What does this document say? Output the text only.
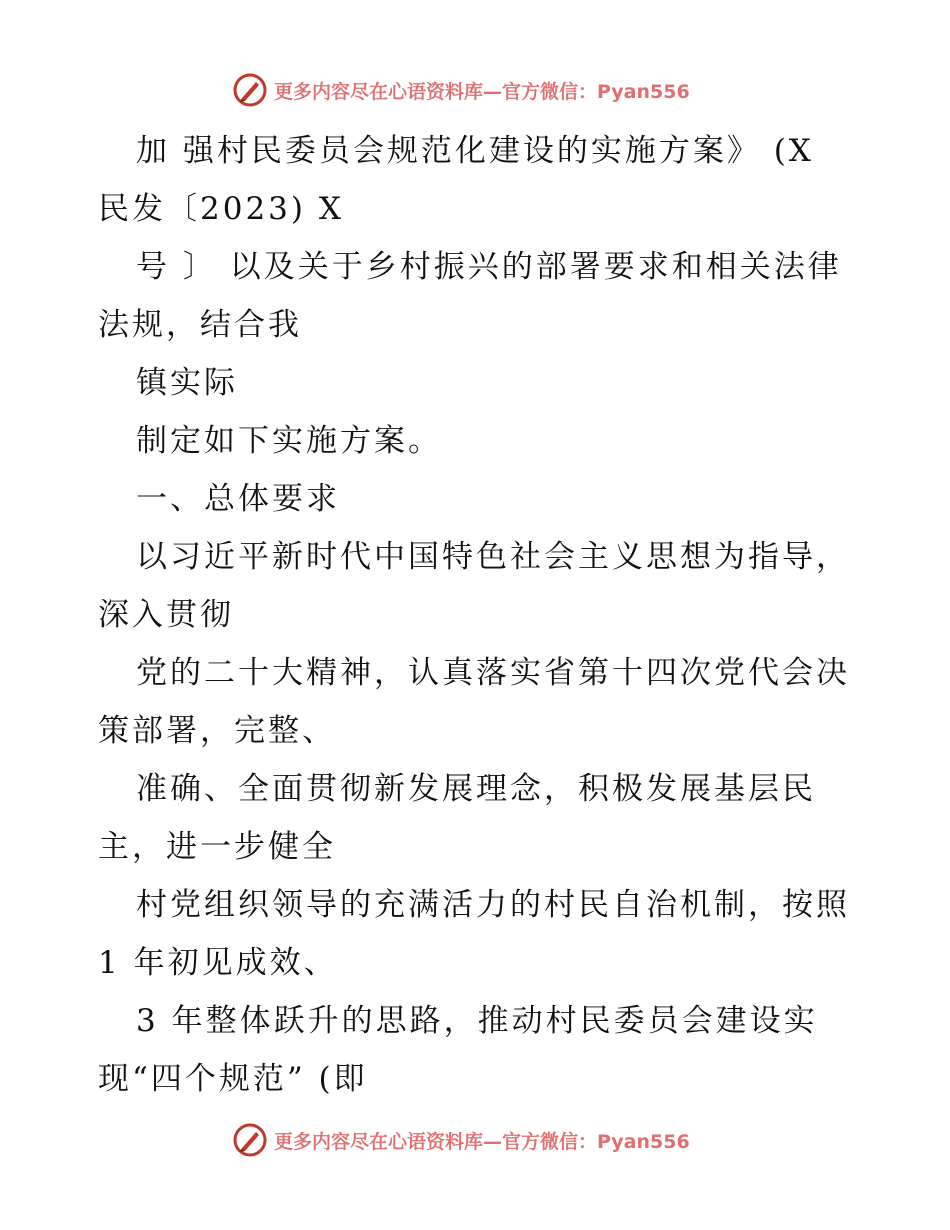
更多内容尽在心语资料库—官方微信：Pyan556

加 强村民委员会规范化建设的实施方案》 (X

民发〔2023) X

号 〕 以及关于乡村振兴的部署要求和相关法律

法规，结合我

镇实际

制定如下实施方案。

一、总体要求

以习近平新时代中国特色社会主义思想为指导，

深入贯彻

党的二十大精神，认真落实省第十四次党代会决

策部署，完整、

准确、全面贯彻新发展理念，积极发展基层民

主，进一步健全

村党组织领导的充满活力的村民自治机制，按照

1 年初见成效、

3 年整体跃升的思路，推动村民委员会建设实

现“四个规范” (即

更多内容尽在心语资料库—官方微信：Pyan556
